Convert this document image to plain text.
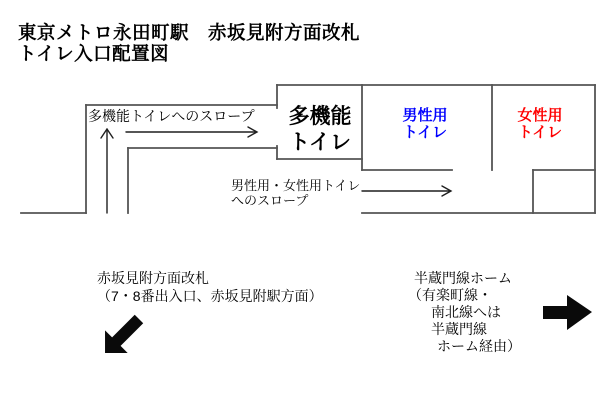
東京メトロ永田町駅　赤坂見附方面改札
トイレ入口配置図
多機能
トイレ
男性用
トイレ
女性用
トイレ
多機能トイレへのスロープ
男性用・女性用トイレ
へのスロープ
赤坂見附方面改札
（7・8番出入口、赤坂見附駅方面）
半蔵門線ホーム
（有楽町線・
　南北線へは
　半蔵門線
　ホーム経由）
